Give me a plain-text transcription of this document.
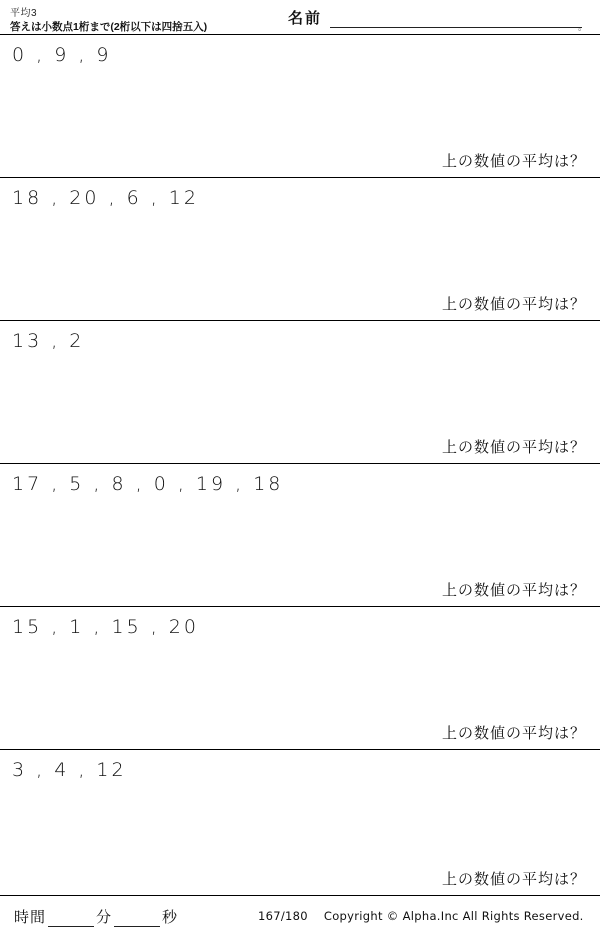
平均3
答えは小数点1桁まで(2桁以下は四捨五入)	名前	。
0 , 9 , 9
上の数値の平均は？
18 , 20 , 6 , 12
上の数値の平均は？
13 , 2
上の数値の平均は？
17 , 5 , 8 , 0 , 19 , 18
上の数値の平均は？
15 , 1 , 15 , 20
上の数値の平均は？
3 , 4 , 12
上の数値の平均は？
時間	分	秒	167/180 Copyright © Alpha.Inc All Rights Reserved.
